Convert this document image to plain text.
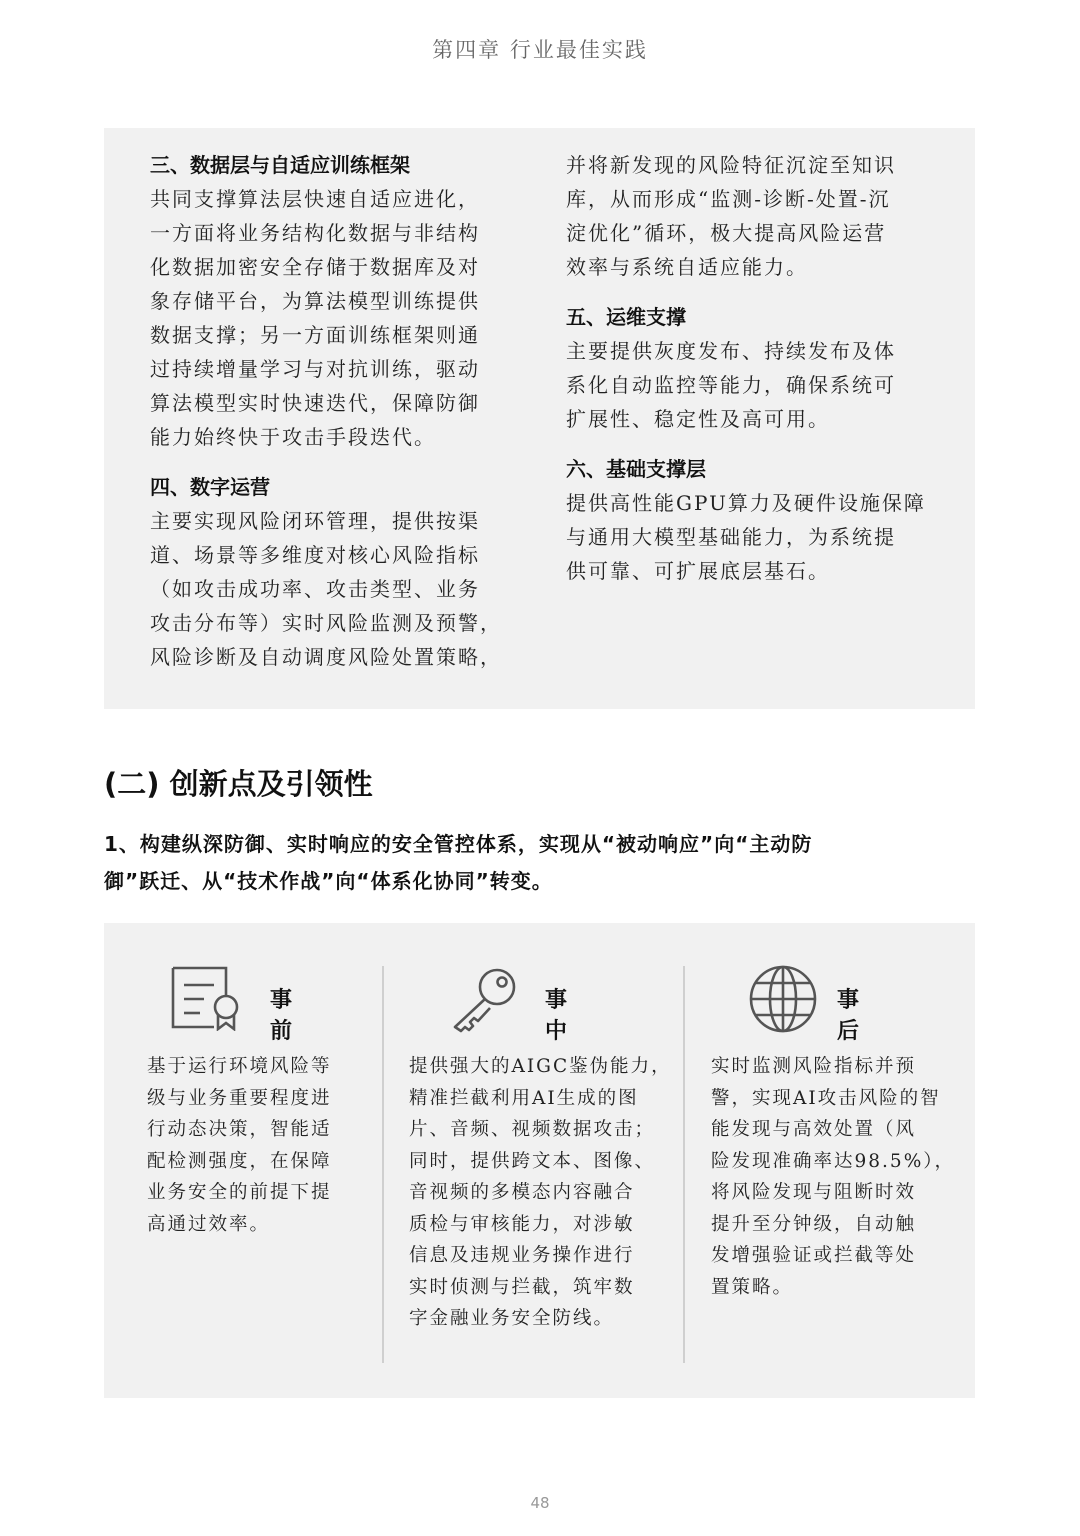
第四章 行业最佳实践
三、数据层与自适应训练框架
共同支撑算法层快速自适应进化，
一方面将业务结构化数据与非结构
化数据加密安全存储于数据库及对
象存储平台，为算法模型训练提供
数据支撑；另一方面训练框架则通
过持续增量学习与对抗训练，驱动
算法模型实时快速迭代，保障防御
能力始终快于攻击手段迭代。
四、数字运营
主要实现风险闭环管理，提供按渠
道、场景等多维度对核心风险指标
（如攻击成功率、攻击类型、业务
攻击分布等）实时风险监测及预警，
风险诊断及自动调度风险处置策略，
并将新发现的风险特征沉淀至知识
库，从而形成“监测-诊断-处置-沉
淀优化”循环，极大提高风险运营
效率与系统自适应能力。
五、运维支撑
主要提供灰度发布、持续发布及体
系化自动监控等能力，确保系统可
扩展性、稳定性及高可用。
六、基础支撑层
提供高性能GPU算力及硬件设施保障
与通用大模型基础能力，为系统提
供可靠、可扩展底层基石。
(二) 创新点及引领性
1、构建纵深防御、实时响应的安全管控体系，实现从“被动响应”向“主动防
御”跃迁、从“技术作战”向“体系化协同”转变。
事前
基于运行环境风险等
级与业务重要程度进
行动态决策，智能适
配检测强度，在保障
业务安全的前提下提
高通过效率。
事中
提供强大的AIGC鉴伪能力，
精准拦截利用AI生成的图
片、音频、视频数据攻击；
同时，提供跨文本、图像、
音视频的多模态内容融合
质检与审核能力，对涉敏
信息及违规业务操作进行
实时侦测与拦截，筑牢数
字金融业务安全防线。
事后
实时监测风险指标并预
警，实现AI攻击风险的智
能发现与高效处置（风
险发现准确率达98.5%），
将风险发现与阻断时效
提升至分钟级，自动触
发增强验证或拦截等处
置策略。
48
